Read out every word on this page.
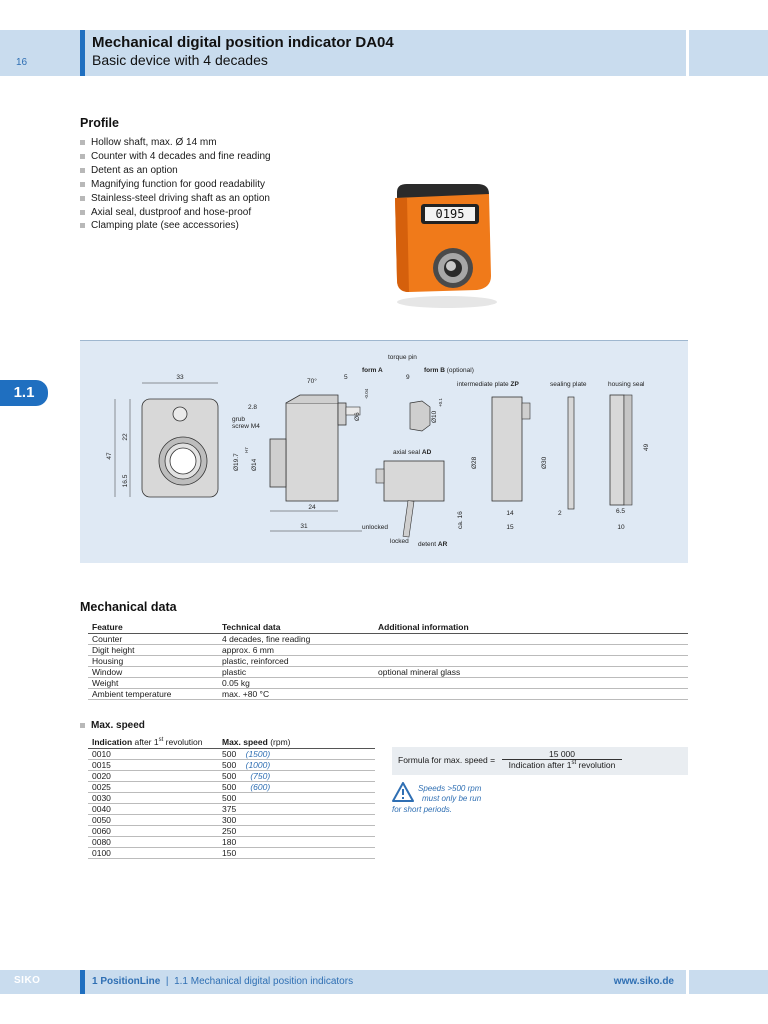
16
Mechanical digital position indicator DA04
Basic device with 4 decades
1.1
Profile
Hollow shaft, max. Ø 14 mm
Counter with 4 decades and fine reading
Detent as an option
Magnifying function for good readability
Stainless-steel driving shaft as an option
Axial seal, dustproof and hose-proof
Clamping plate (see accessories)
0195
33
47
22
16.5
70°
5	9
Ø6
-0.04
2.8
grub
screw M4
Ø19.7 Ø14
H7
24
31
torque pin
form A	form B (optional)
Ø10
+0.1
axial seal AD
unlocked
locked detent AR
ca. 16
intermediate plate ZP
Ø28	Ø30
14
15
sealing plate
2
housing seal
49
6.5
10
Mechanical data
Feature	Technical data	Additional information
Counter	4 decades, fine reading	
Digit height	approx. 6 mm	
Housing	plastic, reinforced	
Window	plastic	optional mineral glass
Weight	0.05 kg	
Ambient temperature	max. +80 °C	
Max. speed
Indication after 1st revolution	Max. speed (rpm)
0010	500 (1500)
0015	500 (1000)
0020	500 (750)
0025	500 (600)
0030	500
0040	375
0050	300
0060	250
0080	180
0100	150
Formula for max. speed =
15 000
Indication after 1st revolution
Speeds >500 rpm
must only be run
for short periods.
SIKO	1 PositionLine | 1.1 Mechanical digital position indicators	www.siko.de
